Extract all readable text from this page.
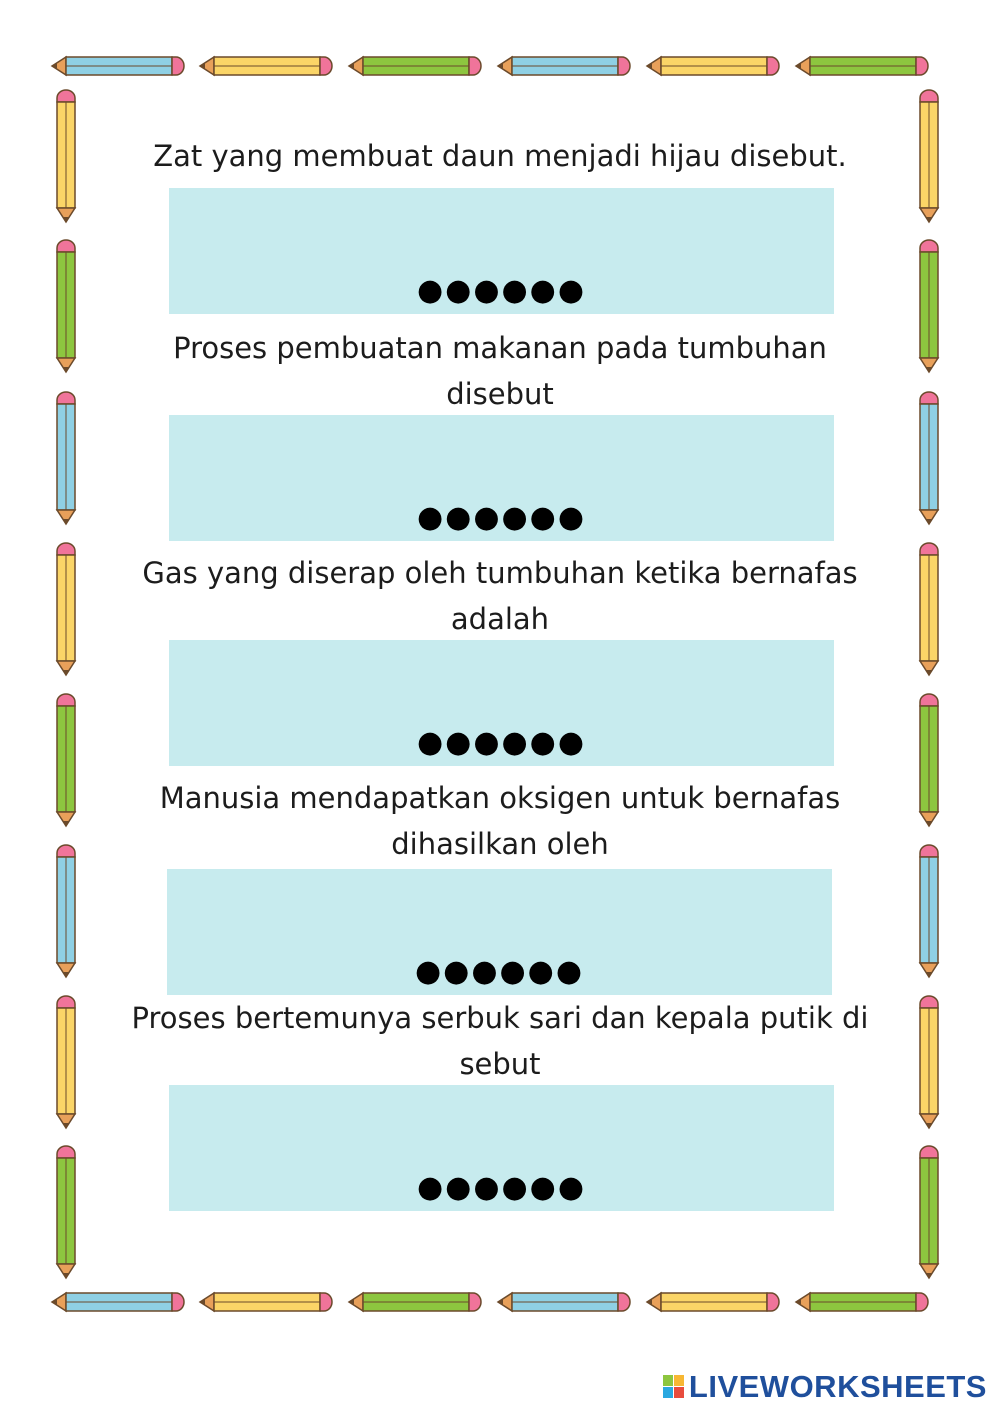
Zat yang membuat daun menjadi hijau disebut.

●●●●●●

Proses pembuatan makanan pada tumbuhan disebut

●●●●●●

Gas yang diserap oleh tumbuhan ketika bernafas adalah

●●●●●●

Manusia mendapatkan oksigen untuk bernafas dihasilkan oleh

●●●●●●

Proses bertemunya serbuk sari dan kepala putik di sebut

●●●●●●
LIVEWORKSHEETS
